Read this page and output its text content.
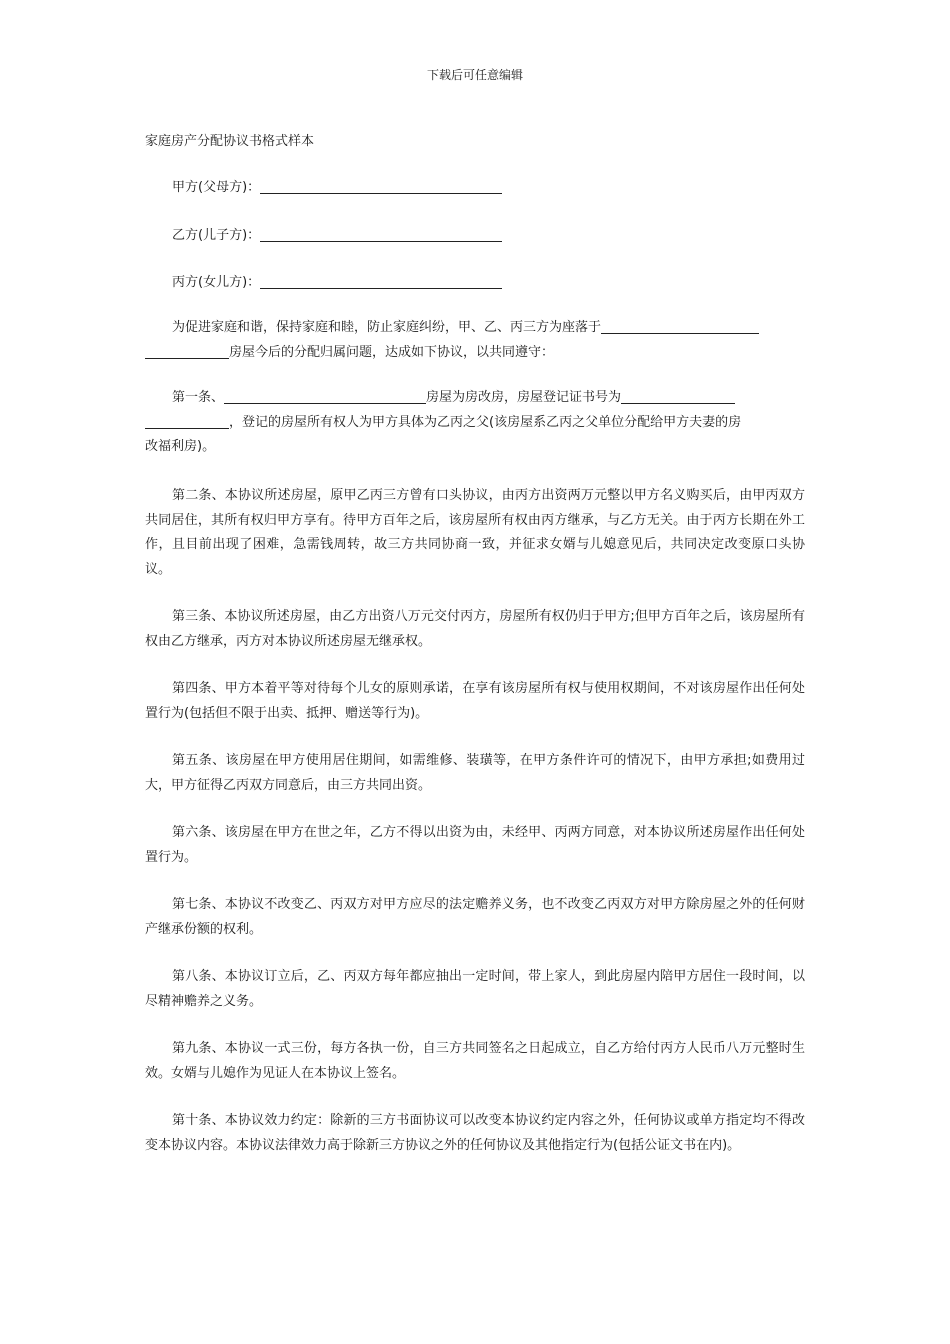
下载后可任意编辑
家庭房产分配协议书格式样本
甲方(父母方)：
乙方(儿子方)：
丙方(女儿方)：
为促进家庭和谐，保持家庭和睦，防止家庭纠纷，甲、乙、丙三方为座落于
房屋今后的分配归属问题，达成如下协议，以共同遵守：
第一条、	房屋为房改房，房屋登记证书号为
，登记的房屋所有权人为甲方具体为乙丙之父(该房屋系乙丙之父单位分配给甲方夫妻的房
改福利房)。

第二条、本协议所述房屋，原甲乙丙三方曾有口头协议，由丙方出资两万元整以甲方名义购买后，由甲丙双方共同居住，其所有权归甲方享有。待甲方百年之后，该房屋所有权由丙方继承，与乙方无关。由于丙方长期在外工作，且目前出现了困难，急需钱周转，故三方共同协商一致，并征求女婿与儿媳意见后，共同决定改变原口头协议。

第三条、本协议所述房屋，由乙方出资八万元交付丙方，房屋所有权仍归于甲方;但甲方百年之后，该房屋所有权由乙方继承，丙方对本协议所述房屋无继承权。

第四条、甲方本着平等对待每个儿女的原则承诺，在享有该房屋所有权与使用权期间，不对该房屋作出任何处置行为(包括但不限于出卖、抵押、赠送等行为)。

第五条、该房屋在甲方使用居住期间，如需维修、装璜等，在甲方条件许可的情况下，由甲方承担;如费用过大，甲方征得乙丙双方同意后，由三方共同出资。

第六条、该房屋在甲方在世之年，乙方不得以出资为由，未经甲、丙两方同意，对本协议所述房屋作出任何处置行为。

第七条、本协议不改变乙、丙双方对甲方应尽的法定赡养义务，也不改变乙丙双方对甲方除房屋之外的任何财产继承份额的权利。

第八条、本协议订立后，乙、丙双方每年都应抽出一定时间，带上家人，到此房屋内陪甲方居住一段时间，以尽精神赡养之义务。

第九条、本协议一式三份，每方各执一份，自三方共同签名之日起成立，自乙方给付丙方人民币八万元整时生效。女婿与儿媳作为见证人在本协议上签名。

第十条、本协议效力约定：除新的三方书面协议可以改变本协议约定内容之外，任何协议或单方指定均不得改变本协议内容。本协议法律效力高于除新三方协议之外的任何协议及其他指定行为(包括公证文书在内)。
